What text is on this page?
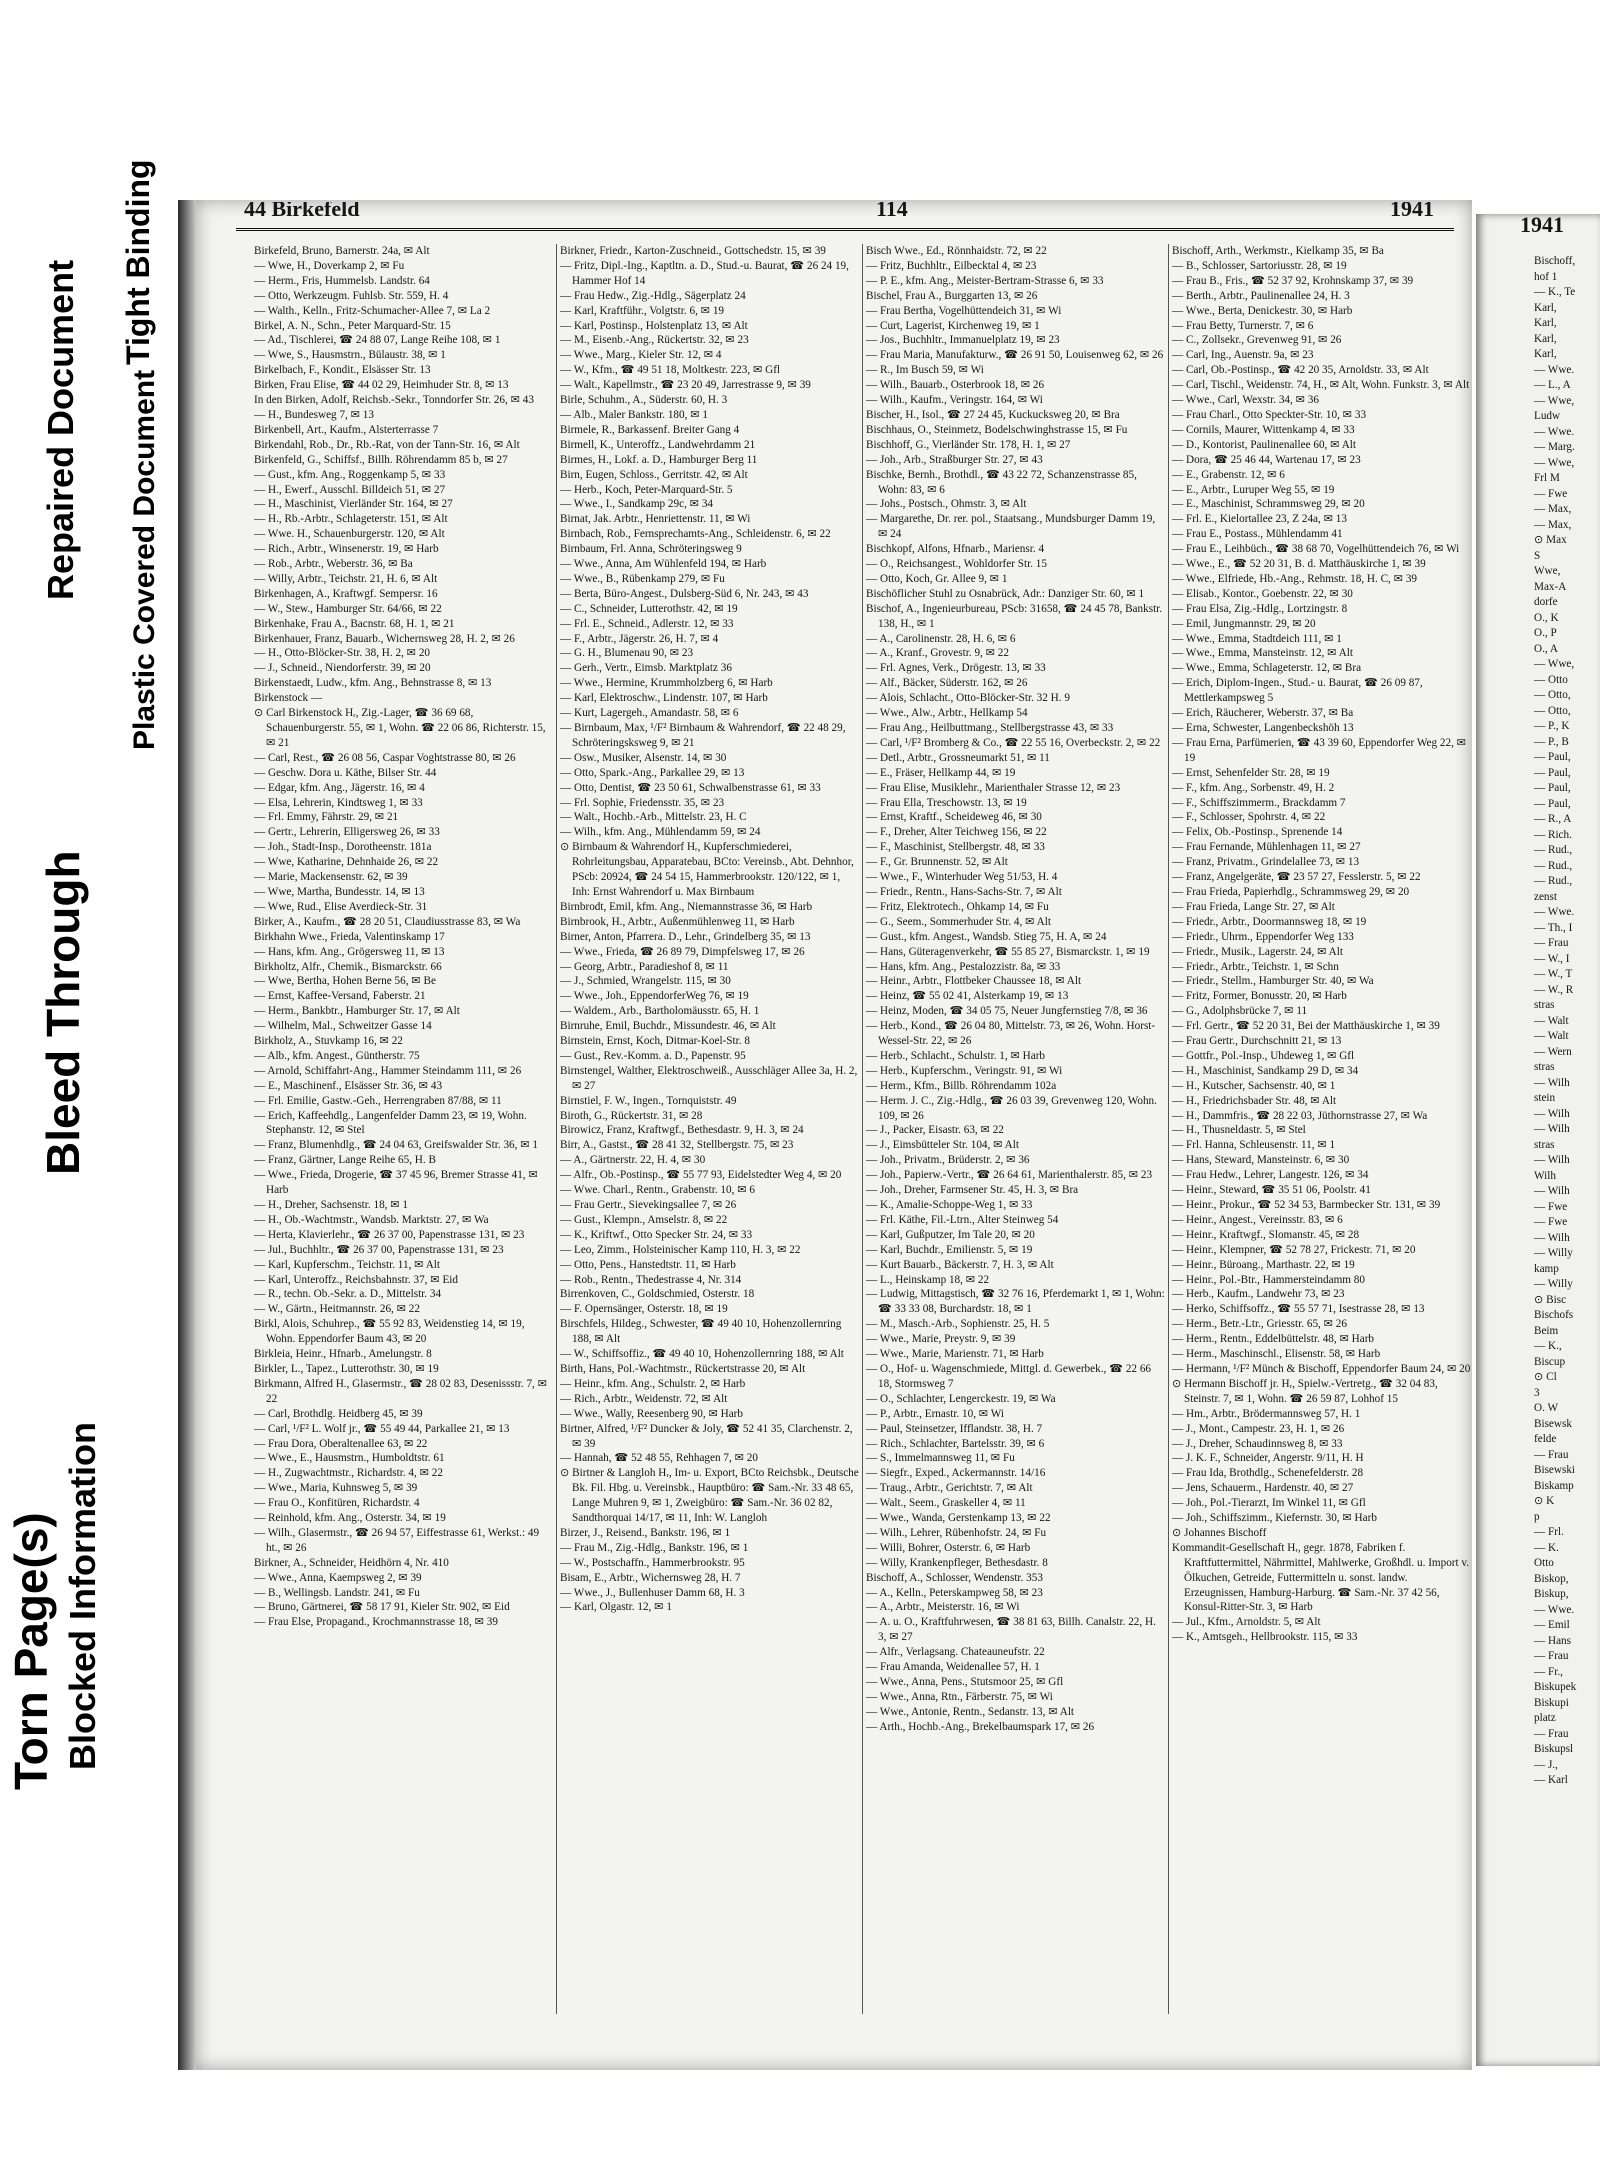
Torn Page(s) Blocked Information
Bleed Through
Repaired Document Plastic Covered Document
Tight Binding	44 Birkefeld	114	1941

Birkefeld, Bruno, Barnerstr. 24a, ✉ Alt

— Wwe, H., Doverkamp 2, ✉ Fu

— Herm., Fris, Hummelsb. Landstr. 64

— Otto, Werkzeugm. Fuhlsb. Str. 559, H. 4

— Walth., Kelln., Fritz-Schumacher-Allee 7, ✉ La 2

Birkel, A. N., Schn., Peter Marquard-Str. 15

— Ad., Tischlerei, ☎ 24 88 07, Lange Reihe 108, ✉ 1

— Wwe, S., Hausmstrn., Bülaustr. 38, ✉ 1

Birkelbach, F., Kondit., Elsässer Str. 13

Birken, Frau Elise, ☎ 44 02 29, Heimhuder Str. 8, ✉ 13

In den Birken, Adolf, Reichsb.-Sekr., Tonndorfer Str. 26, ✉ 43

— H., Bundesweg 7, ✉ 13

Birkenbell, Art., Kaufm., Alsterterrasse 7

Birkendahl, Rob., Dr., Rb.-Rat, von der Tann-Str. 16, ✉ Alt

Birkenfeld, G., Schiffsf., Billh. Röhrendamm 85 b, ✉ 27

— Gust., kfm. Ang., Roggenkamp 5, ✉ 33

— H., Ewerf., Ausschl. Billdeich 51, ✉ 27

— H., Maschinist, Vierländer Str. 164, ✉ 27

— H., Rb.-Arbtr., Schlageterstr. 151, ✉ Alt

— Wwe. H., Schauenburgerstr. 120, ✉ Alt

— Rich., Arbtr., Winsenerstr. 19, ✉ Harb

— Rob., Arbtr., Weberstr. 36, ✉ Ba

— Willy, Arbtr., Teichstr. 21, H. 6, ✉ Alt

Birkenhagen, A., Kraftwgf. Sempersr. 16

— W., Stew., Hamburger Str. 64/66, ✉ 22

Birkenhake, Frau A., Bacnstr. 68, H. 1, ✉ 21

Birkenhauer, Franz, Bauarb., Wichernsweg 28, H. 2, ✉ 26

— H., Otto-Blöcker-Str. 38, H. 2, ✉ 20

— J., Schneid., Niendorferstr. 39, ✉ 20

Birkenstaedt, Ludw., kfm. Ang., Behnstrasse 8, ✉ 13

Birkenstock —

⊙ Carl Birkenstock Hᵣ, Zig.-Lager, ☎ 36 69 68, Schauenburgerstr. 55, ✉ 1, Wohn. ☎ 22 06 86, Richterstr. 15, ✉ 21

— Carl, Rest., ☎ 26 08 56, Caspar Voghtstrasse 80, ✉ 26

— Geschw. Dora u. Käthe, Bilser Str. 44

— Edgar, kfm. Ang., Jägerstr. 16, ✉ 4

— Elsa, Lehrerin, Kindtsweg 1, ✉ 33

— Frl. Emmy, Fährstr. 29, ✉ 21

— Gertr., Lehrerin, Elligersweg 26, ✉ 33

— Joh., Stadt-Insp., Dorotheenstr. 181a

— Wwe, Katharine, Dehnhaide 26, ✉ 22

— Marie, Mackensenstr. 62, ✉ 39

— Wwe, Martha, Bundesstr. 14, ✉ 13

— Wwe, Rud., Elise Averdieck-Str. 31

Birker, A., Kaufm., ☎ 28 20 51, Claudiusstrasse 83, ✉ Wa

Birkhahn Wwe., Frieda, Valentinskamp 17

— Hans, kfm. Ang., Grögersweg 11, ✉ 13

Birkholtz, Alfr., Chemik., Bismarckstr. 66

— Wwe, Bertha, Hohen Berne 56, ✉ Be

— Ernst, Kaffee-Versand, Faberstr. 21

— Herm., Bankbtr., Hamburger Str. 17, ✉ Alt

— Wilhelm, Mal., Schweitzer Gasse 14

Birkholz, A., Stuvkamp 16, ✉ 22

— Alb., kfm. Angest., Güntherstr. 75

— Arnold, Schiffahrt-Ang., Hammer Steindamm 111, ✉ 26

— E., Maschinenf., Elsässer Str. 36, ✉ 43

— Frl. Emilie, Gastw.-Geh., Herrengraben 87/88, ✉ 11

— Erich, Kaffeehdlg., Langenfelder Damm 23, ✉ 19, Wohn. Stephanstr. 12, ✉ Stel

— Franz, Blumenhdlg., ☎ 24 04 63, Greifswalder Str. 36, ✉ 1

— Franz, Gärtner, Lange Reihe 65, H. B

— Wwe., Frieda, Drogerie, ☎ 37 45 96, Bremer Strasse 41, ✉ Harb

— H., Dreher, Sachsenstr. 18, ✉ 1

— H., Ob.-Wachtmstr., Wandsb. Marktstr. 27, ✉ Wa

— Herta, Klavierlehr., ☎ 26 37 00, Papenstrasse 131, ✉ 23

— Jul., Buchhltr., ☎ 26 37 00, Papenstrasse 131, ✉ 23

— Karl, Kupferschm., Teichstr. 11, ✉ Alt

— Karl, Unteroffz., Reichsbahnstr. 37, ✉ Eid

— R., techn. Ob.-Sekr. a. D., Mittelstr. 34

— W., Gärtn., Heitmannstr. 26, ✉ 22

Birkl, Alois, Schuhrep., ☎ 55 92 83, Weidenstieg 14, ✉ 19, Wohn. Eppendorfer Baum 43, ✉ 20

Birkleia, Heinr., Hfnarb., Amelungstr. 8

Birkler, L., Tapez., Lutterothstr. 30, ✉ 19

Birkmann, Alfred H., Glasermstr., ☎ 28 02 83, Desenissstr. 7, ✉ 22

— Carl, Brothdlg. Heidberg 45, ✉ 39

— Carl, ¹/F² L. Wolf jr., ☎ 55 49 44, Parkallee 21, ✉ 13

— Frau Dora, Oberaltenallee 63, ✉ 22

— Wwe., E., Hausmstrn., Humboldtstr. 61

— H., Zugwachtmstr., Richardstr. 4, ✉ 22

— Wwe., Maria, Kuhnsweg 5, ✉ 39

— Frau O., Konfitüren, Richardstr. 4

— Reinhold, kfm. Ang., Osterstr. 34, ✉ 19

— Wilh., Glasermstr., ☎ 26 94 57, Eiffestrasse 61, Werkst.: 49 ht., ✉ 26

Birkner, A., Schneider, Heidhörn 4, Nr. 410

— Wwe., Anna, Kaempsweg 2, ✉ 39

— B., Wellingsb. Landstr. 241, ✉ Fu

— Bruno, Gärtnerei, ☎ 58 17 91, Kieler Str. 902, ✉ Eid

— Frau Else, Propagand., Krochmannstrasse 18, ✉ 39

Birkner, Friedr., Karton-Zuschneid., Gottschedstr. 15, ✉ 39

— Fritz, Dipl.-Ing., Kaptltn. a. D., Stud.-u. Baurat, ☎ 26 24 19, Hammer Hof 14

— Frau Hedw., Zig.-Hdlg., Sägerplatz 24

— Karl, Kraftführ., Volgtstr. 6, ✉ 19

— Karl, Postinsp., Holstenplatz 13, ✉ Alt

— M., Eisenb.-Ang., Rückertstr. 32, ✉ 23

— Wwe., Marg., Kieler Str. 12, ✉ 4

— W., Kfm., ☎ 49 51 18, Moltkestr. 223, ✉ Gfl

— Walt., Kapellmstr., ☎ 23 20 49, Jarrestrasse 9, ✉ 39

Birle, Schuhm., A., Süderstr. 60, H. 3

— Alb., Maler Bankstr. 180, ✉ 1

Birmele, R., Barkassenf. Breiter Gang 4

Birmell, K., Unteroffz., Landwehrdamm 21

Birmes, H., Lokf. a. D., Hamburger Berg 11

Birn, Eugen, Schloss., Gerritstr. 42, ✉ Alt

— Herb., Koch, Peter-Marquard-Str. 5

— Wwe., I., Sandkamp 29c, ✉ 34

Birnat, Jak. Arbtr., Henriettenstr. 11, ✉ Wi

Birnbach, Rob., Fernsprechamts-Ang., Schleidenstr. 6, ✉ 22

Birnbaum, Frl. Anna, Schröteringsweg 9

— Wwe., Anna, Am Wühlenfeld 194, ✉ Harb

— Wwe., B., Rübenkamp 279, ✉ Fu

— Berta, Büro-Angest., Dulsberg-Süd 6, Nr. 243, ✉ 43

— C., Schneider, Lutterothstr. 42, ✉ 19

— Frl. E., Schneid., Adlerstr. 12, ✉ 33

— F., Arbtr., Jägerstr. 26, H. 7, ✉ 4

— G. H., Blumenau 90, ✉ 23

— Gerh., Vertr., Eimsb. Marktplatz 36

— Wwe., Hermine, Krummholzberg 6, ✉ Harb

— Karl, Elektroschw., Lindenstr. 107, ✉ Harb

— Kurt, Lagergeh., Amandastr. 58, ✉ 6

— Birnbaum, Max, ¹/F² Birnbaum & Wahrendorf, ☎ 22 48 29, Schröteringsksweg 9, ✉ 21

— Osw., Musiker, Alsenstr. 14, ✉ 30

— Otto, Spark.-Ang., Parkallee 29, ✉ 13

— Otto, Dentist, ☎ 23 50 61, Schwalbenstrasse 61, ✉ 33

— Frl. Sophie, Friedensstr. 35, ✉ 23

— Walt., Hochb.-Arb., Mittelstr. 23, H. C

— Wilh., kfm. Ang., Mühlendamm 59, ✉ 24

⊙ Birnbaum & Wahrendorf Hᵣ, Kupferschmiederei, Rohrleitungsbau, Apparatebau, BCto: Vereinsb., Abt. Dehnhor, PScb: 20924, ☎ 24 54 15, Hammerbrookstr. 120/122, ✉ 1, Inh: Ernst Wahrendorf u. Max Birnbaum

Birnbrodt, Emil, kfm. Ang., Niemannstrasse 36, ✉ Harb

Birnbrook, H., Arbtr., Außenmühlenweg 11, ✉ Harb

Birner, Anton, Pfarrera. D., Lehr., Grindelberg 35, ✉ 13

— Wwe., Frieda, ☎ 26 89 79, Dimpfelsweg 17, ✉ 26

— Georg, Arbtr., Paradieshof 8, ✉ 11

— J., Schmied, Wrangelstr. 115, ✉ 30

— Wwe., Joh., EppendorferWeg 76, ✉ 19

— Waldem., Arb., Bartholomäusstr. 65, H. 1

Birnruhe, Emil, Buchdr., Missundestr. 46, ✉ Alt

Birnstein, Ernst, Koch, Ditmar-Koel-Str. 8

— Gust., Rev.-Komm. a. D., Papenstr. 95

Birnstengel, Walther, Elektroschweiß., Ausschläger Allee 3a, H. 2, ✉ 27

Birnstiel, F. W., Ingen., Tornquiststr. 49

Biroth, G., Rückertstr. 31, ✉ 28

Birowicz, Franz, Kraftwgf., Bethesdastr. 9, H. 3, ✉ 24

Birr, A., Gastst., ☎ 28 41 32, Stellbergstr. 75, ✉ 23

— A., Gärtnerstr. 22, H. 4, ✉ 30

— Alfr., Ob.-Postinsp., ☎ 55 77 93, Eidelstedter Weg 4, ✉ 20

— Wwe. Charl., Rentn., Grabenstr. 10, ✉ 6

— Frau Gertr., Sievekingsallee 7, ✉ 26

— Gust., Klempn., Amselstr. 8, ✉ 22

— K., Kriftwf., Otto Specker Str. 24, ✉ 33

— Leo, Zimm., Holsteinischer Kamp 110, H. 3, ✉ 22

— Otto, Pens., Hanstedtstr. 11, ✉ Harb

— Rob., Rentn., Thedestrasse 4, Nr. 314

Birrenkoven, C., Goldschmied, Osterstr. 18

— F. Opernsänger, Osterstr. 18, ✉ 19

Birschfels, Hildeg., Schwester, ☎ 49 40 10, Hohenzollernring 188, ✉ Alt

— W., Schiffsoffiz., ☎ 49 40 10, Hohenzollernring 188, ✉ Alt

Birth, Hans, Pol.-Wachtmstr., Rückertstrasse 20, ✉ Alt

— Heinr., kfm. Ang., Schulstr. 2, ✉ Harb

— Rich., Arbtr., Weidenstr. 72, ✉ Alt

— Wwe., Wally, Reesenberg 90, ✉ Harb

Birtner, Alfred, ¹/F² Duncker & Joly, ☎ 52 41 35, Clarchenstr. 2, ✉ 39

— Hannah, ☎ 52 48 55, Rehhagen 7, ✉ 20

⊙ Birtner & Langloh Hᵣ, Im- u. Export, BCto Reichsbk., Deutsche Bk. Fil. Hbg. u. Vereinsbk., Hauptbüro: ☎ Sam.-Nr. 33 48 65, Lange Muhren 9, ✉ 1, Zweigbüro: ☎ Sam.-Nr. 36 02 82, Sandthorquai 14/17, ✉ 11, Inh: W. Langloh

Birzer, J., Reisend., Bankstr. 196, ✉ 1

— Frau M., Zig.-Hdlg., Bankstr. 196, ✉ 1

— W., Postschaffn., Hammerbrookstr. 95

Bisam, E., Arbtr., Wichernsweg 28, H. 7

— Wwe., J., Bullenhuser Damm 68, H. 3

— Karl, Olgastr. 12, ✉ 1

Bisch Wwe., Ed., Rönnhaidstr. 72, ✉ 22

— Fritz, Buchhltr., Eilbecktal 4, ✉ 23

— P. E., kfm. Ang., Meister-Bertram-Strasse 6, ✉ 33

Bischel, Frau A., Burggarten 13, ✉ 26

— Frau Bertha, Vogelhüttendeich 31, ✉ Wi

— Curt, Lagerist, Kirchenweg 19, ✉ 1

— Jos., Buchhltr., Immanuelplatz 19, ✉ 23

— Frau Maria, Manufakturw., ☎ 26 91 50, Louisenweg 62, ✉ 26

— R., Im Busch 59, ✉ Wi

— Wilh., Bauarb., Osterbrook 18, ✉ 26

— Wilh., Kaufm., Veringstr. 164, ✉ Wi

Bischer, H., Isol., ☎ 27 24 45, Kuckucksweg 20, ✉ Bra

Bischhaus, O., Steinmetz, Bodelschwinghstrasse 15, ✉ Fu

Bischhoff, G., Vierländer Str. 178, H. 1, ✉ 27

— Joh., Arb., Straßburger Str. 27, ✉ 43

Bischke, Bernh., Brothdl., ☎ 43 22 72, Schanzenstrasse 85, Wohn: 83, ✉ 6

— Johs., Postsch., Ohmstr. 3, ✉ Alt

— Margarethe, Dr. rer. pol., Staatsang., Mundsburger Damm 19, ✉ 24

Bischkopf, Alfons, Hfnarb., Mariensr. 4

— O., Reichsangest., Wohldorfer Str. 15

— Otto, Koch, Gr. Allee 9, ✉ 1

Bischöflicher Stuhl zu Osnabrück, Adr.: Danziger Str. 60, ✉ 1

Bischof, A., Ingenieurbureau, PScb: 31658, ☎ 24 45 78, Bankstr. 138, H., ✉ 1

— A., Carolinenstr. 28, H. 6, ✉ 6

— A., Kranf., Grovestr. 9, ✉ 22

— Frl. Agnes, Verk., Drögestr. 13, ✉ 33

— Alf., Bäcker, Süderstr. 162, ✉ 26

— Alois, Schlacht., Otto-Blöcker-Str. 32 H. 9

— Wwe., Alw., Arbtr., Hellkamp 54

— Frau Ang., Heilbuttmang., Stellbergstrasse 43, ✉ 33

— Carl, ¹/F² Bromberg & Co., ☎ 22 55 16, Overbeckstr. 2, ✉ 22

— Detl., Arbtr., Grossneumarkt 51, ✉ 11

— E., Fräser, Hellkamp 44, ✉ 19

— Frau Elise, Musiklehr., Marienthaler Strasse 12, ✉ 23

— Frau Ella, Treschowstr. 13, ✉ 19

— Ernst, Kraftf., Scheideweg 46, ✉ 30

— F., Dreher, Alter Teichweg 156, ✉ 22

— F., Maschinist, Stellbergstr. 48, ✉ 33

— F., Gr. Brunnenstr. 52, ✉ Alt

— Wwe., F., Winterhuder Weg 51/53, H. 4

— Friedr., Rentn., Hans-Sachs-Str. 7, ✉ Alt

— Fritz, Elektrotech., Ohkamp 14, ✉ Fu

— G., Seem., Sommerhuder Str. 4, ✉ Alt

— Gust., kfm. Angest., Wandsb. Stieg 75, H. A, ✉ 24

— Hans, Güteragenverkehr, ☎ 55 85 27, Bismarckstr. 1, ✉ 19

— Hans, kfm. Ang., Pestalozzistr. 8a, ✉ 33

— Heinr., Arbtr., Flottbeker Chaussee 18, ✉ Alt

— Heinz, ☎ 55 02 41, Alsterkamp 19, ✉ 13

— Heinz, Moden, ☎ 34 05 75, Neuer Jungfernstieg 7/8, ✉ 36

— Herb., Kond., ☎ 26 04 80, Mittelstr. 73, ✉ 26, Wohn. Horst-Wessel-Str. 22, ✉ 26

— Herb., Schlacht., Schulstr. 1, ✉ Harb

— Herb., Kupferschm., Veringstr. 91, ✉ Wi

— Herm., Kfm., Billb. Röhrendamm 102a

— Herm. J. C., Zig.-Hdlg., ☎ 26 03 39, Grevenweg 120, Wohn. 109, ✉ 26

— J., Packer, Eisastr. 63, ✉ 22

— J., Eimsbütteler Str. 104, ✉ Alt

— Joh., Privatm., Brüderstr. 2, ✉ 36

— Joh., Papierw.-Vertr., ☎ 26 64 61, Marienthalerstr. 85, ✉ 23

— Joh., Dreher, Farmsener Str. 45, H. 3, ✉ Bra

— K., Amalie-Schoppe-Weg 1, ✉ 33

— Frl. Käthe, Fil.-Ltrn., Alter Steinweg 54

— Karl, Gußputzer, Im Tale 20, ✉ 20

— Karl, Buchdr., Emilienstr. 5, ✉ 19

— Kurt Bauarb., Bäckerstr. 7, H. 3, ✉ Alt

— L., Heinskamp 18, ✉ 22

— Ludwig, Mittagstisch, ☎ 32 76 16, Pferdemarkt 1, ✉ 1, Wohn: ☎ 33 33 08, Burchardstr. 18, ✉ 1

— M., Masch.-Arb., Sophienstr. 25, H. 5

— Wwe., Marie, Preystr. 9, ✉ 39

— Wwe., Marie, Marienstr. 71, ✉ Harb

— O., Hof- u. Wagenschmiede, Mittgl. d. Gewerbek., ☎ 22 66 18, Stormsweg 7

— O., Schlachter, Lengerckestr. 19, ✉ Wa

— P., Arbtr., Ernastr. 10, ✉ Wi

— Paul, Steinsetzer, Ifflandstr. 38, H. 7

— Rich., Schlachter, Bartelsstr. 39, ✉ 6

— S., Immelmannsweg 11, ✉ Fu

— Siegfr., Exped., Ackermannstr. 14/16

— Traug., Arbtr., Gerichtstr. 7, ✉ Alt

— Walt., Seem., Graskeller 4, ✉ 11

— Wwe., Wanda, Gerstenkamp 13, ✉ 22

— Wilh., Lehrer, Rübenhofstr. 24, ✉ Fu

— Willi, Bohrer, Osterstr. 6, ✉ Harb

— Willy, Krankenpfleger, Bethesdastr. 8

Bischoff, A., Schlosser, Wendenstr. 353

— A., Kelln., Peterskampweg 58, ✉ 23

— A., Arbtr., Meisterstr. 16, ✉ Wi

— A. u. O., Kraftfuhrwesen, ☎ 38 81 63, Billh. Canalstr. 22, H. 3, ✉ 27

— Alfr., Verlagsang. Chateauneufstr. 22

— Frau Amanda, Weidenallee 57, H. 1

— Wwe., Anna, Pens., Stutsmoor 25, ✉ Gfl

— Wwe., Anna, Rtn., Färberstr. 75, ✉ Wi

— Wwe., Antonie, Rentn., Sedanstr. 13, ✉ Alt

— Arth., Hochb.-Ang., Brekelbaumspark 17, ✉ 26

Bischoff, Arth., Werkmstr., Kielkamp 35, ✉ Ba

— B., Schlosser, Sartoriusstr. 28, ✉ 19

— Frau B., Fris., ☎ 52 37 92, Krohnskamp 37, ✉ 39

— Berth., Arbtr., Paulinenallee 24, H. 3

— Wwe., Berta, Denickestr. 30, ✉ Harb

— Frau Betty, Turnerstr. 7, ✉ 6

— C., Zollsekr., Grevenweg 91, ✉ 26

— Carl, Ing., Auenstr. 9a, ✉ 23

— Carl, Ob.-Postinsp., ☎ 42 20 35, Arnoldstr. 33, ✉ Alt

— Carl, Tischl., Weidenstr. 74, H., ✉ Alt, Wohn. Funkstr. 3, ✉ Alt

— Wwe., Carl, Wexstr. 34, ✉ 36

— Frau Charl., Otto Speckter-Str. 10, ✉ 33

— Cornils, Maurer, Wittenkamp 4, ✉ 33

— D., Kontorist, Paulinenallee 60, ✉ Alt

— Dora, ☎ 25 46 44, Wartenau 17, ✉ 23

— E., Grabenstr. 12, ✉ 6

— E., Arbtr., Luruper Weg 55, ✉ 19

— E., Maschinist, Schrammsweg 29, ✉ 20

— Frl. E., Kielortallee 23, Z 24a, ✉ 13

— Frau E., Postass., Mühlendamm 41

— Frau E., Leihbüch., ☎ 38 68 70, Vogelhüttendeich 76, ✉ Wi

— Wwe., E., ☎ 52 20 31, B. d. Matthäuskirche 1, ✉ 39

— Wwe., Elfriede, Hb.-Ang., Rehmstr. 18, H. C, ✉ 39

— Elisab., Kontor., Goebenstr. 22, ✉ 30

— Frau Elsa, Zig.-Hdlg., Lortzingstr. 8

— Emil, Jungmannstr. 29, ✉ 20

— Wwe., Emma, Stadtdeich 111, ✉ 1

— Wwe., Emma, Mansteinstr. 12, ✉ Alt

— Wwe., Emma, Schlageterstr. 12, ✉ Bra

— Erich, Diplom-Ingen., Stud.- u. Baurat, ☎ 26 09 87, Mettlerkampsweg 5

— Erich, Räucherer, Weberstr. 37, ✉ Ba

— Erna, Schwester, Langenbeckshöh 13

— Frau Erna, Parfümerien, ☎ 43 39 60, Eppendorfer Weg 22, ✉ 19

— Ernst, Sehenfelder Str. 28, ✉ 19

— F., kfm. Ang., Sorbenstr. 49, H. 2

— F., Schiffszimmerm., Brackdamm 7

— F., Schlosser, Spohrstr. 4, ✉ 22

— Felix, Ob.-Postinsp., Sprenende 14

— Frau Fernande, Mühlenhagen 11, ✉ 27

— Franz, Privatm., Grindelallee 73, ✉ 13

— Franz, Angelgeräte, ☎ 23 57 27, Fesslerstr. 5, ✉ 22

— Frau Frieda, Papierhdlg., Schrammsweg 29, ✉ 20

— Frau Frieda, Lange Str. 27, ✉ Alt

— Friedr., Arbtr., Doormannsweg 18, ✉ 19

— Friedr., Uhrm., Eppendorfer Weg 133

— Friedr., Musik., Lagerstr. 24, ✉ Alt

— Friedr., Arbtr., Teichstr. 1, ✉ Schn

— Friedr., Stellm., Hamburger Str. 40, ✉ Wa

— Fritz, Former, Bonusstr. 20, ✉ Harb

— G., Adolphsbrücke 7, ✉ 11

— Frl. Gertr., ☎ 52 20 31, Bei der Matthäuskirche 1, ✉ 39

— Frau Gertr., Durchschnitt 21, ✉ 13

— Gottfr., Pol.-Insp., Uhdeweg 1, ✉ Gfl

— H., Maschinist, Sandkamp 29 D, ✉ 34

— H., Kutscher, Sachsenstr. 40, ✉ 1

— H., Friedrichsbader Str. 48, ✉ Alt

— H., Dammfris., ☎ 28 22 03, Jüthornstrasse 27, ✉ Wa

— H., Thusneldastr. 5, ✉ Stel

— Frl. Hanna, Schleusenstr. 11, ✉ 1

— Hans, Steward, Mansteinstr. 6, ✉ 30

— Frau Hedw., Lehrer, Langestr. 126, ✉ 34

— Heinr., Steward, ☎ 35 51 06, Poolstr. 41

— Heinr., Prokur., ☎ 52 34 53, Barmbecker Str. 131, ✉ 39

— Heinr., Angest., Vereinsstr. 83, ✉ 6

— Heinr., Kraftwgf., Slomanstr. 45, ✉ 28

— Heinr., Klempner, ☎ 52 78 27, Frickestr. 71, ✉ 20

— Heinr., Büroang., Marthastr. 22, ✉ 19

— Heinr., Pol.-Btr., Hammersteindamm 80

— Herb., Kaufm., Landwehr 73, ✉ 23

— Herko, Schiffsoffz., ☎ 55 57 71, Isestrasse 28, ✉ 13

— Herm., Betr.-Ltr., Griesstr. 65, ✉ 26

— Herm., Rentn., Eddelbüttelstr. 48, ✉ Harb

— Herm., Maschinschl., Elisenstr. 58, ✉ Harb

— Hermann, ¹/F² Münch & Bischoff, Eppendorfer Baum 24, ✉ 20

⊙ Hermann Bischoff jr. Hᵣ, Spielw.-Vertretg., ☎ 32 04 83, Steinstr. 7, ✉ 1, Wohn. ☎ 26 59 87, Lohhof 15

— Hm., Arbtr., Brödermannsweg 57, H. 1

— J., Mont., Campestr. 23, H. 1, ✉ 26

— J., Dreher, Schaudinnsweg 8, ✉ 33

— J. K. F., Schneider, Angerstr. 9/11, H. H

— Frau Ida, Brothdlg., Schenefelderstr. 28

— Jens, Schauerm., Hardenstr. 40, ✉ 27

— Joh., Pol.-Tierarzt, Im Winkel 11, ✉ Gfl

— Joh., Schiffszimm., Kiefernstr. 30, ✉ Harb

⊙ Johannes Bischoff

Kommandit-Gesellschaft Hᵣ, gegr. 1878, Fabriken f. Kraftfuttermittel, Nährmittel, Mahlwerke, Großhdl. u. Import v. Ölkuchen, Getreide, Futtermitteln u. sonst. landw. Erzeugnissen, Hamburg-Harburg. ☎ Sam.-Nr. 37 42 56, Konsul-Ritter-Str. 3, ✉ Harb

— Jul., Kfm., Arnoldstr. 5, ✉ Alt

— K., Amtsgeh., Hellbrookstr. 115, ✉ 33

1941
Bischoff,
hof 1
— K., Te
Karl,
Karl,
Karl,
Karl,
— Wwe.
— L., A
— Wwe,
Ludw
— Wwe.
— Marg.
— Wwe,
Frl M
— Fwe
— Max,
— Max,
⊙ Max
S
Wwe,
Max-A
dorfe
O., K
O., P
O., A
— Wwe,
— Otto
— Otto,
— Otto,
— P., K
— P., B
— Paul,
— Paul,
— Paul,
— Paul,
— R., A
— Rich.
— Rud.,
— Rud.,
— Rud.,
zenst
— Wwe.
— Th., I
— Frau
— W., I
— W., T
— W., R
stras
— Walt
— Walt
— Wern
stras
— Wilh
stein
— Wilh
— Wilh
stras
— Wilh
Wilh
— Wilh
— Fwe
— Fwe
— Wilh
— Willy
kamp
— Willy
⊙ Bisc
Bischofs
Beim
— K.,
Biscup
⊙ Cl
3
O. W
Bisewsk
felde
— Frau
Bisewski
Biskamp
⊙ K
p
— Frl.
— K.
Otto
Biskop,
Biskup,
— Wwe.
— Emil
— Hans
— Frau
— Fr.,
Biskupek
Biskupi
platz
— Frau
Biskupsl
— J.,
— Karl
